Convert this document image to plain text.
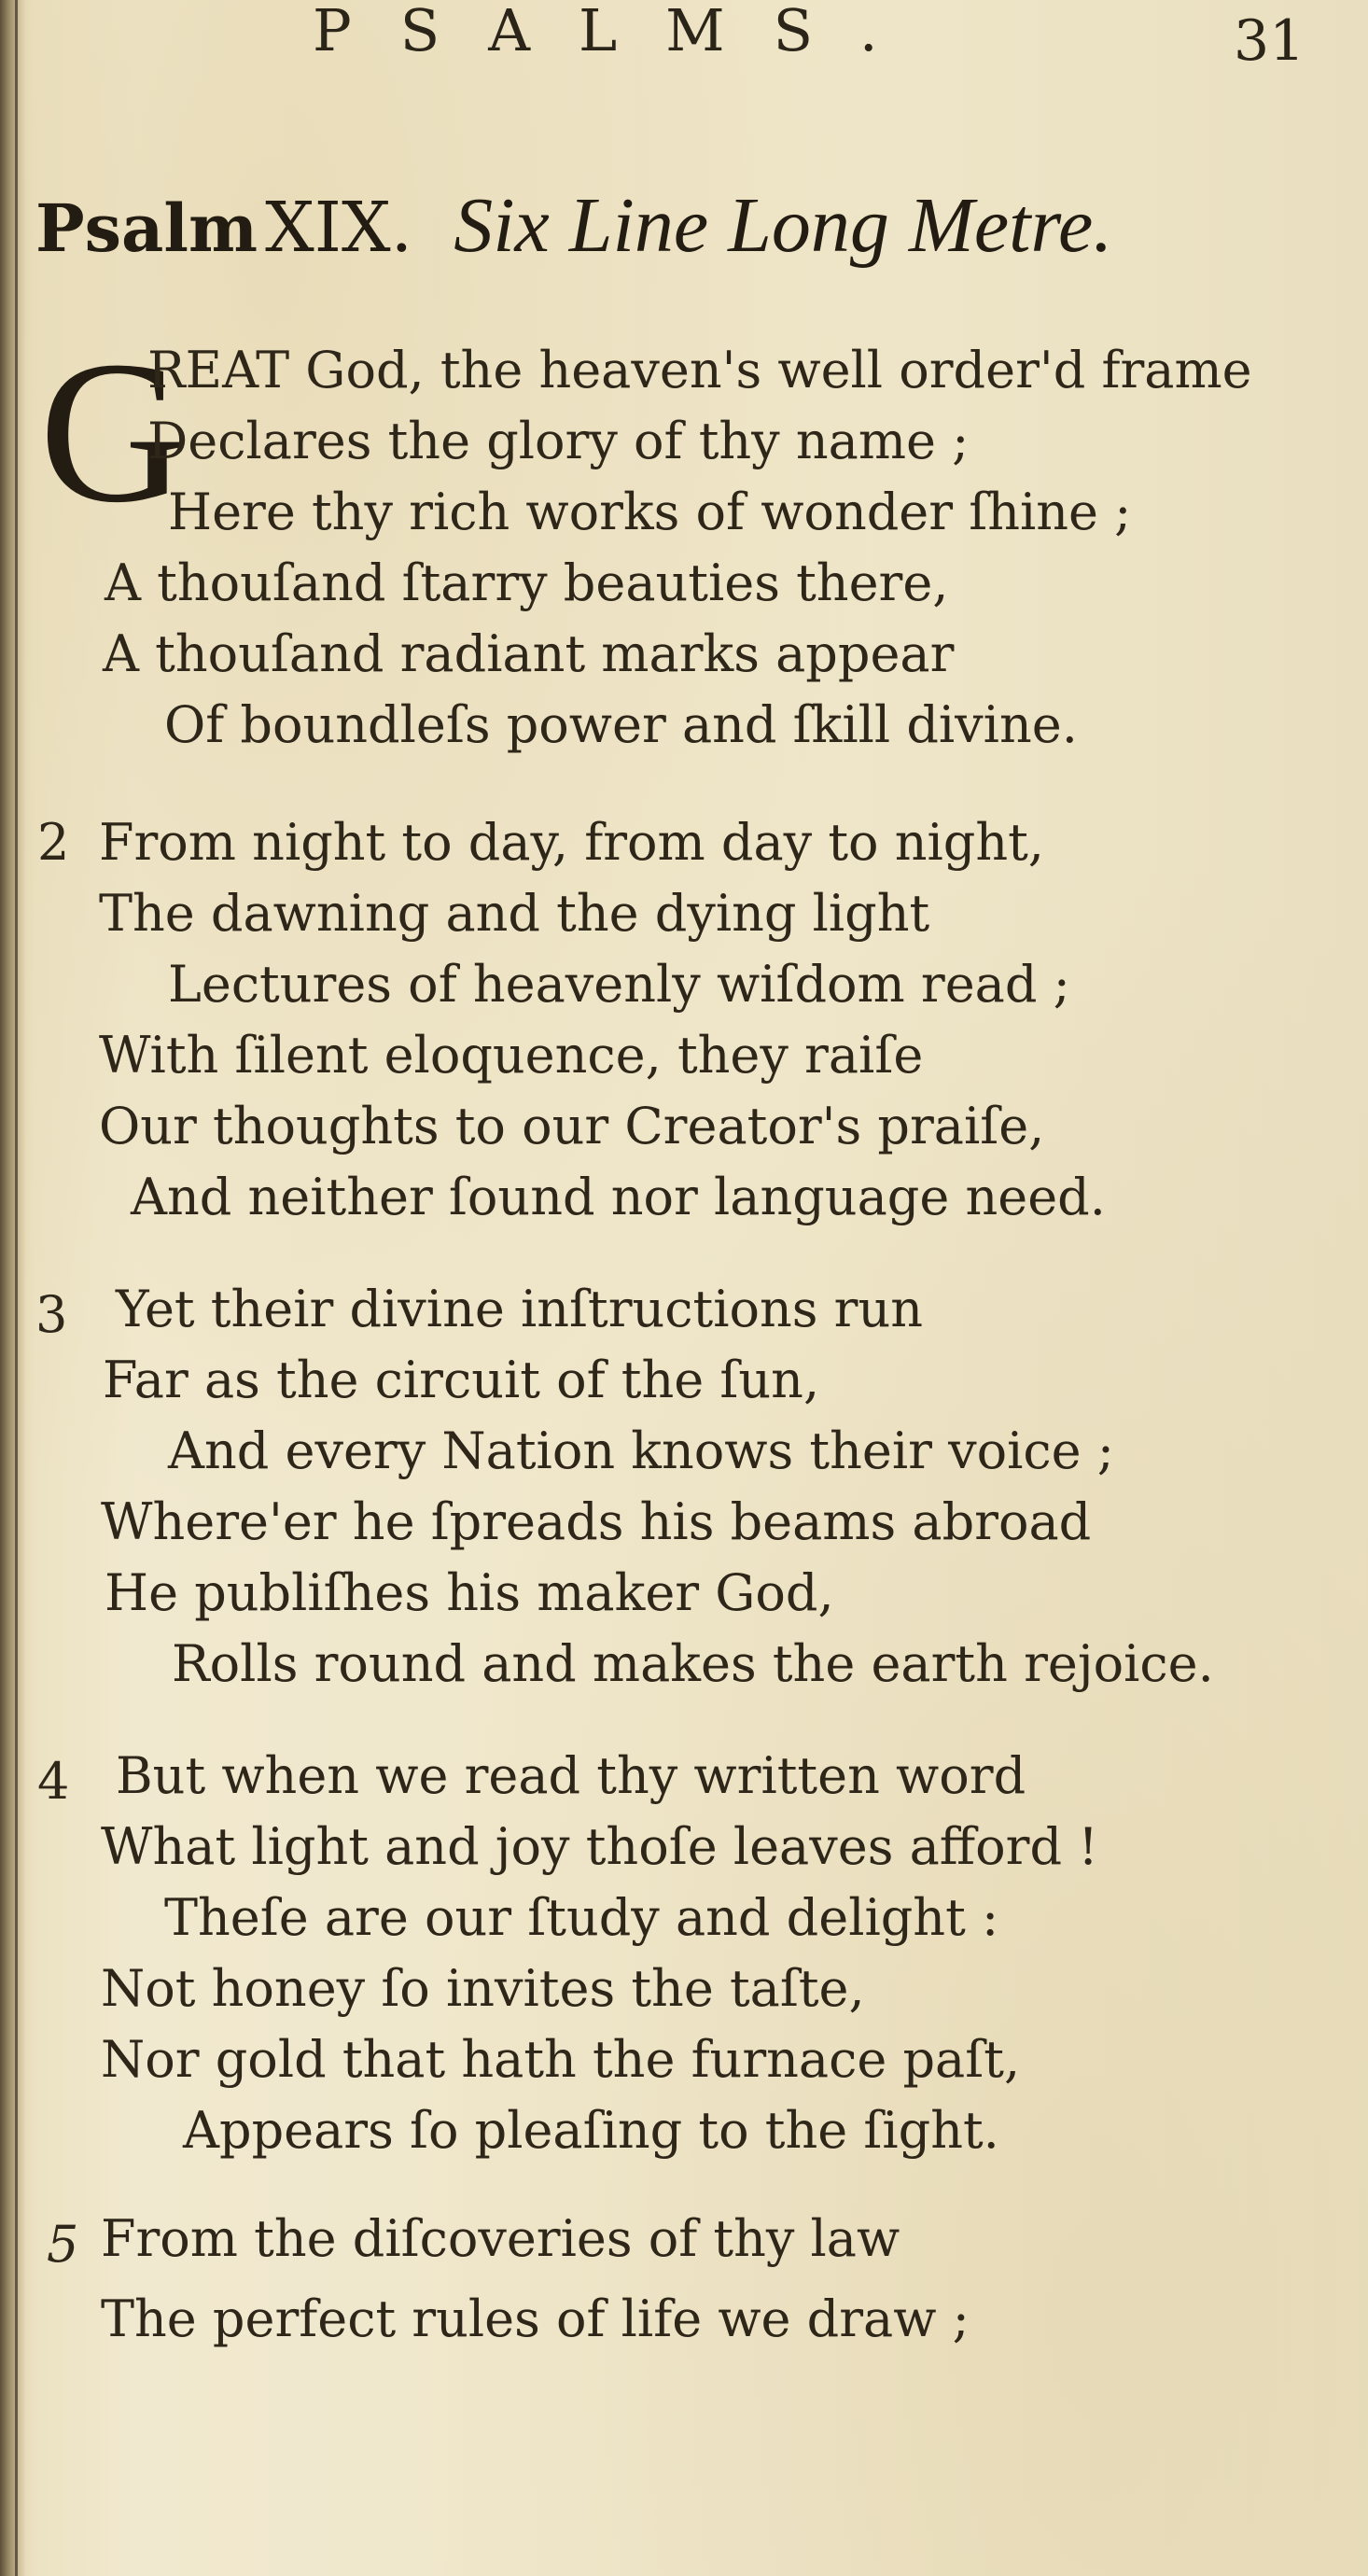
PSALMS.	31
Psalm XIX. Six Line Long Metre.
G
REAT God, the heaven's well order'd frame
Declares the glory of thy name ;
Here thy rich works of wonder ſhine ;
A thouſand ſtarry beauties there,
A thouſand radiant marks appear
Of boundleſs power and ſkill divine.
2 From night to day, from day to night,
The dawning and the dying light
Lectures of heavenly wiſdom read ;
With ſilent eloquence, they raiſe
Our thoughts to our Creator's praiſe,
And neither ſound nor language need.
3 Yet their divine inſtructions run
Far as the circuit of the ſun,
And every Nation knows their voice ;
Where'er he ſpreads his beams abroad
He publiſhes his maker God,
Rolls round and makes the earth rejoice.
4 But when we read thy written word
What light and joy thoſe leaves afford !
Theſe are our ſtudy and delight :
Not honey ſo invites the taſte,
Nor gold that hath the furnace paſt,
Appears ſo pleaſing to the ſight.
5 From the diſcoveries of thy law
The perfect rules of life we draw ;
